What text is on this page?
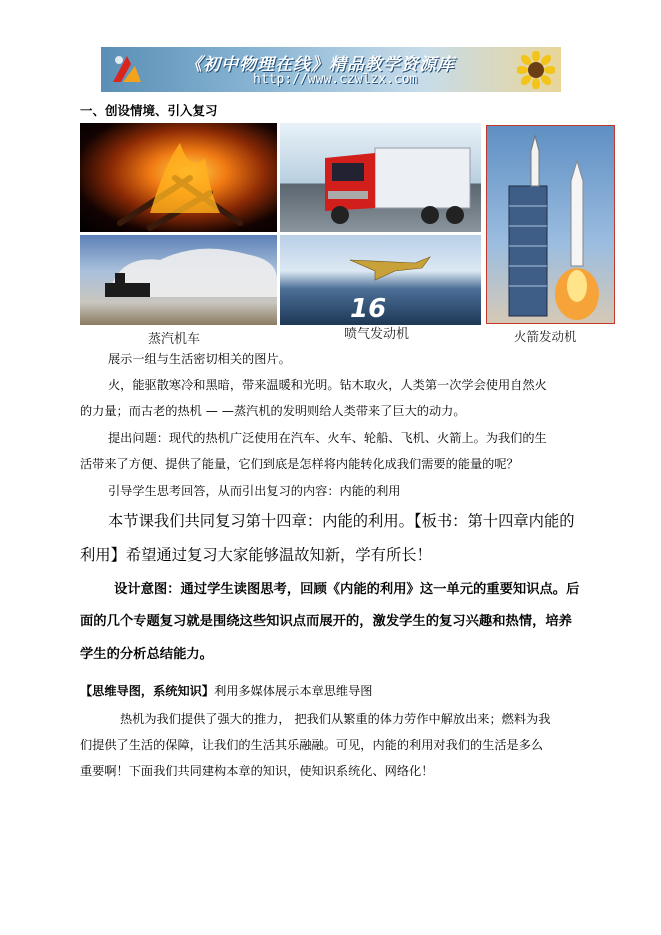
《初中物理在线》精品教学资源库
http://www.czwlzx.com
一、创设情境、引入复习
16
蒸汽机车	喷气发动机	火箭发动机
展示一组与生活密切相关的图片。
火，能驱散寒冷和黑暗，带来温暖和光明。钻木取火，人类第一次学会使用自然火
的力量；而古老的热机 — —蒸汽机的发明则给人类带来了巨大的动力。
提出问题：现代的热机广泛使用在汽车、火车、轮船、飞机、火箭上。为我们的生
活带来了方便、提供了能量，它们到底是怎样将内能转化成我们需要的能量的呢？
引导学生思考回答，从而引出复习的内容：内能的利用
本节课我们共同复习第十四章：内能的利用。【板书：第十四章内能的
利用】希望通过复习大家能够温故知新，学有所长！
设计意图：通过学生读图思考，回顾《内能的利用》这一单元的重要知识点。后
面的几个专题复习就是围绕这些知识点而展开的，激发学生的复习兴趣和热情，培养
学生的分析总结能力。
【思维导图，系统知识】利用多媒体展示本章思维导图
热机为我们提供了强大的推力， 把我们从繁重的体力劳作中解放出来；燃料为我
们提供了生活的保障，让我们的生活其乐融融。可见，内能的利用对我们的生活是多么
重要啊！下面我们共同建构本章的知识，使知识系统化、网络化！
